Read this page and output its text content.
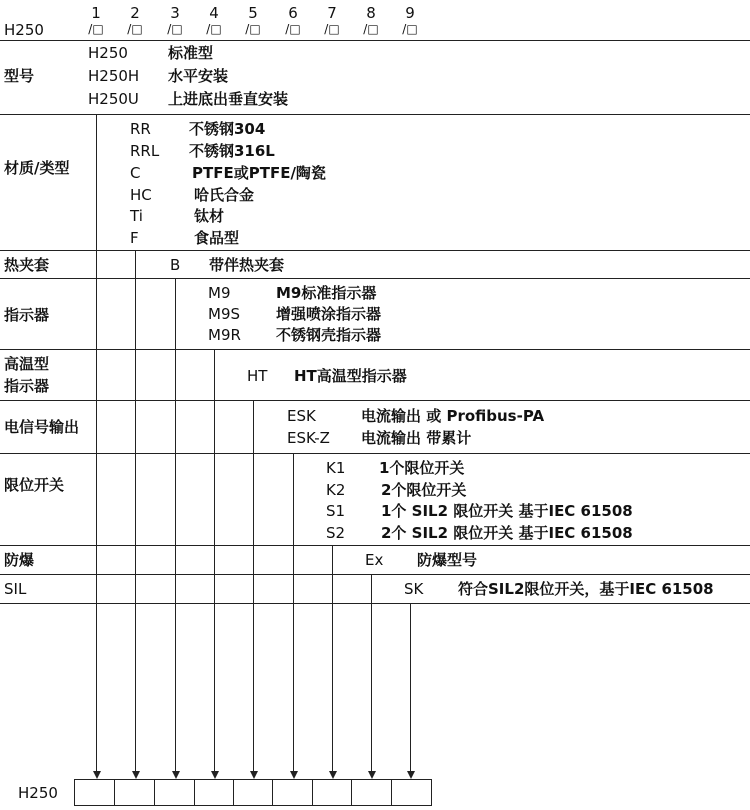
H250
1	2	3	4	5	6	7	8	9
/□	/□	/□	/□	/□	/□	/□	/□	/□
型号
H250	标准型
H250H 水平安装
H250U 上进底出垂直安装
材质/类型
RR	不锈钢304
RRL 不锈钢316L
C	PTFE或PTFE/陶瓷
HC	哈氏合金
Ti	钛材
F	食品型
热夹套	B 带伴热夹套
指示器
M9	M9标准指示器
M9S 增强喷涂指示器
M9R 不锈钢壳指示器
高温型
指示器
HT HT高温型指示器
电信号输出
ESK	电流输出 或 Profibus-PA
ESK-Z 电流输出 带累计
限位开关
K1 1个限位开关
K2 2个限位开关
S1 1个 SIL2 限位开关 基于IEC 61508
S2 2个 SIL2 限位开关 基于IEC 61508
防爆	Ex 防爆型号
SIL	SK 符合SIL2限位开关，基于IEC 61508
H250
